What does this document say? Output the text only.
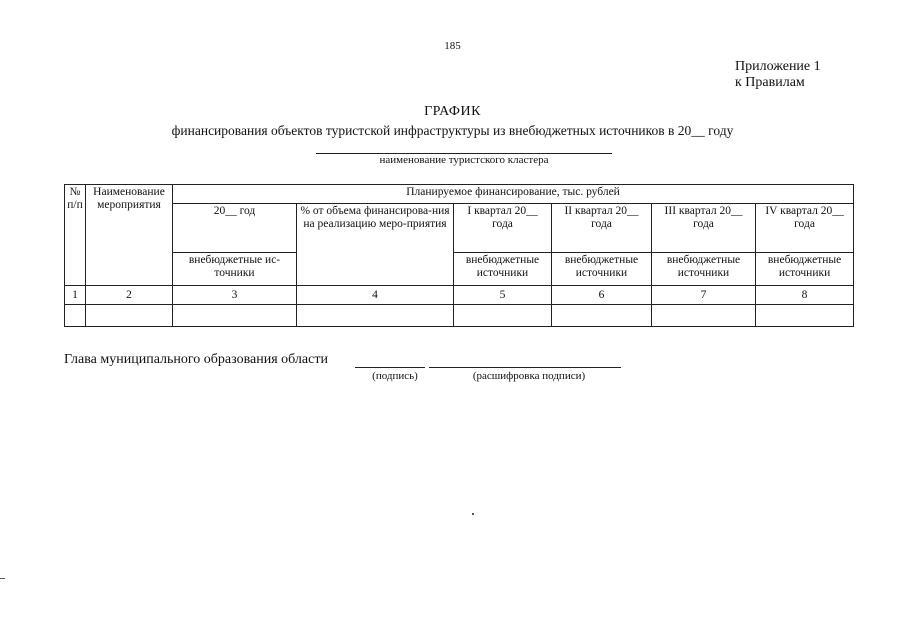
185
Приложение 1
к Правилам
ГРАФИК
финансирования объектов туристской инфраструктуры из внебюджетных источников в 20__ году
наименование туристского кластера
№ п/п	Наименование мероприятия	Планируемое финансирование, тыс. рублей					
		20__ год	% от объема финансирова-ния на реализацию меро-приятия	I квартал 20__ года	II квартал 20__ года	III квартал 20__ года	IV квартал 20__ года
		внебюджетные ис-точники		внебюджетные источники	внебюджетные источники	внебюджетные источники	внебюджетные источники
1	2	3	4	5	6	7	8

Глава муниципального образования области
(подпись)	(расшифровка подписи)
